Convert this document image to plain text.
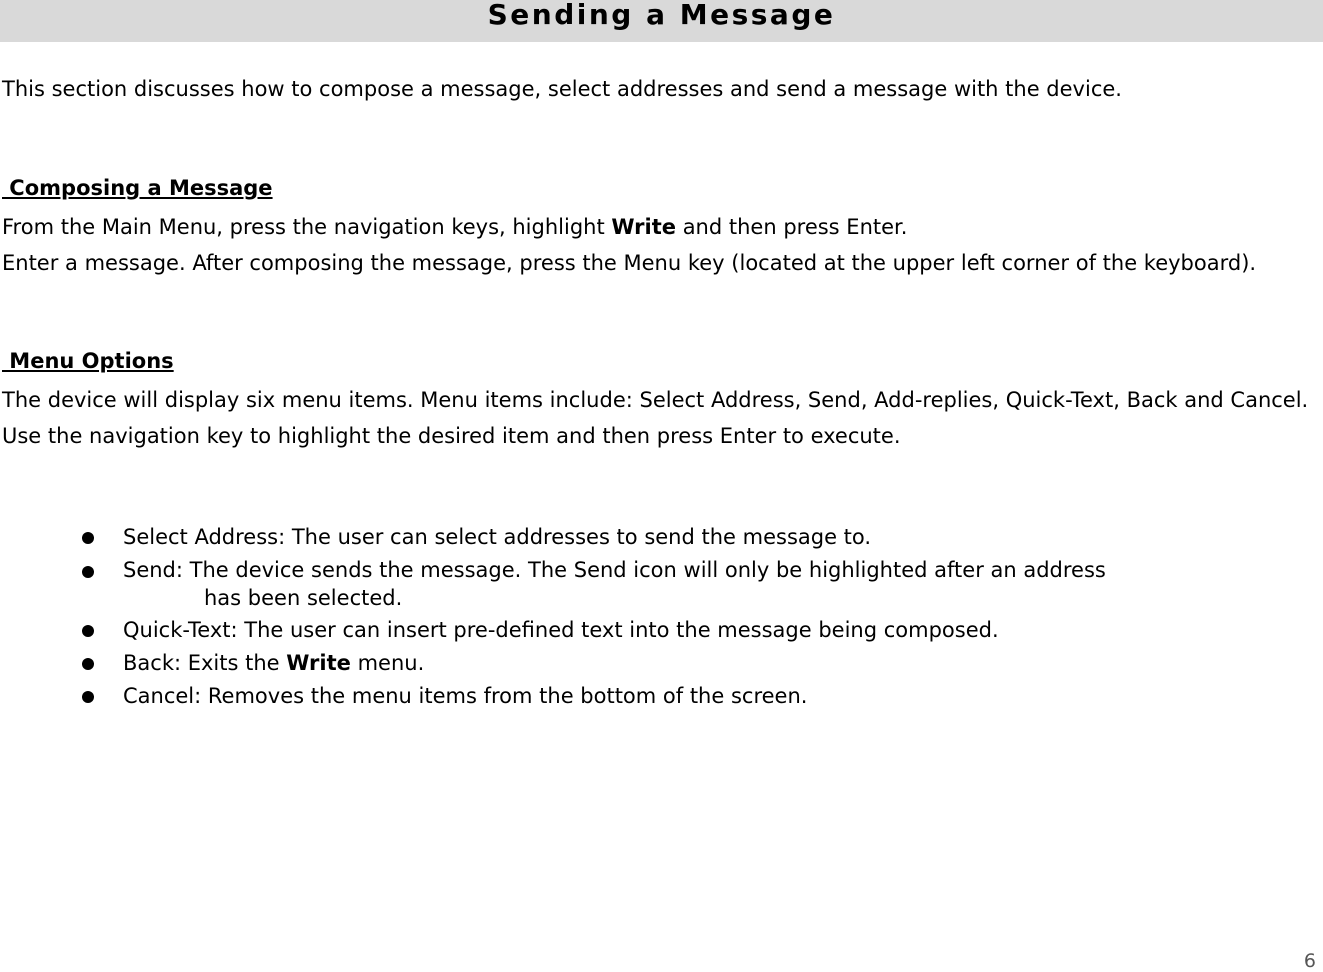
Sending a Message

This section discusses how to compose a message, select addresses and send a message with the device.

Composing a Message

From the Main Menu, press the navigation keys, highlight Write and then press Enter.

Enter a message. After composing the message, press the Menu key (located at the upper left corner of the keyboard).

Menu Options

The device will display six menu items. Menu items include: Select Address, Send, Add-replies, Quick-Text, Back and Cancel. Use the navigation key to highlight the desired item and then press Enter to execute.

Select Address: The user can select addresses to send the message to.
Send: The device sends the message. The Send icon will only be highlighted after an address
has been selected.
Quick-Text: The user can insert pre-defined text into the message being composed.
Back: Exits the Write menu.
Cancel: Removes the menu items from the bottom of the screen.
6
